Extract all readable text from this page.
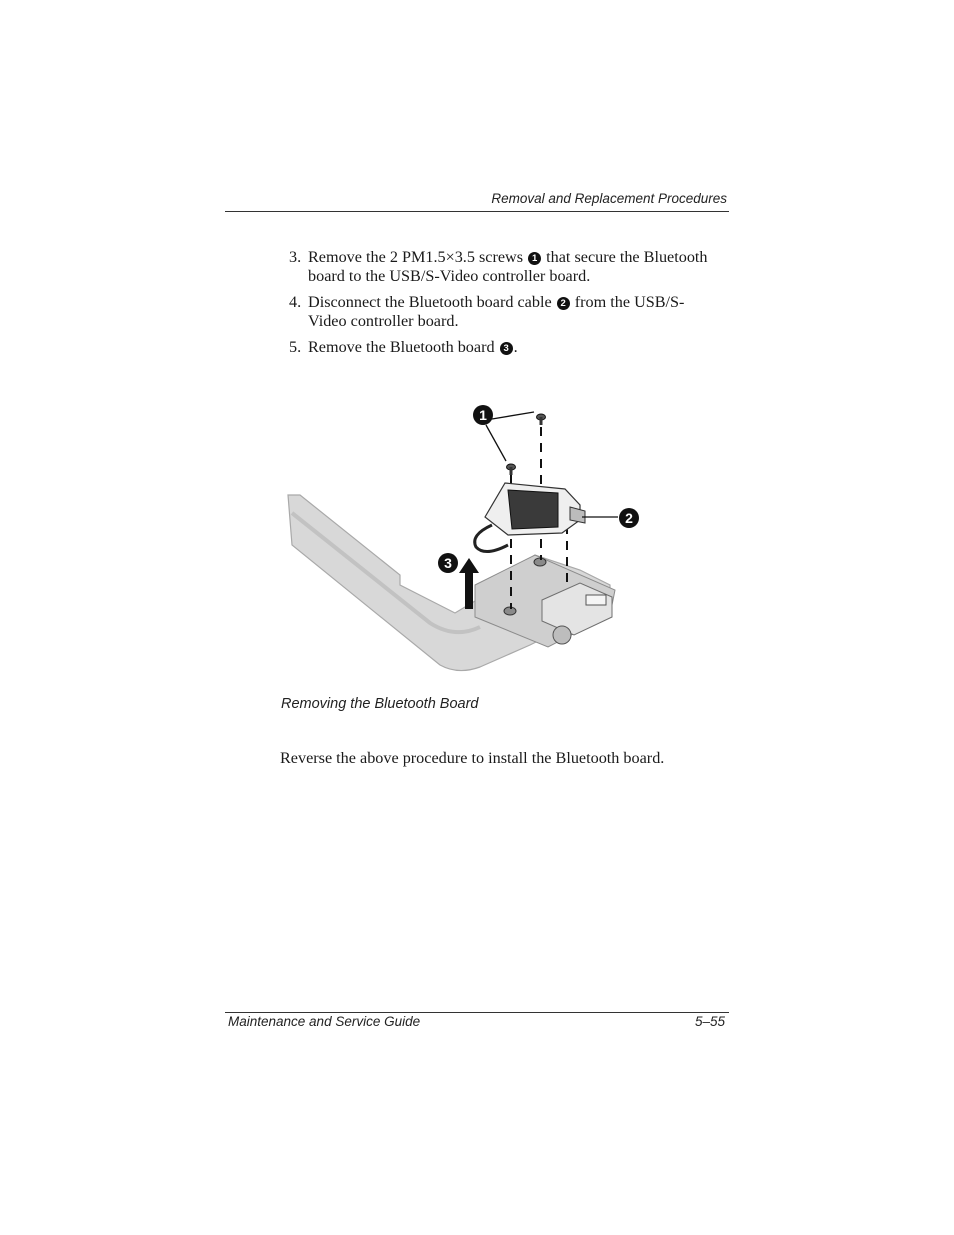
Removal and Replacement Procedures
3. Remove the 2 PM1.5×3.5 screws 1 that secure the Bluetooth board to the USB/S-Video controller board.
4. Disconnect the Bluetooth board cable 2 from the USB/S-Video controller board.
5. Remove the Bluetooth board 3 .
1
2
3
Removing the Bluetooth Board
Reverse the above procedure to install the Bluetooth board.
Maintenance and Service Guide	5–55
